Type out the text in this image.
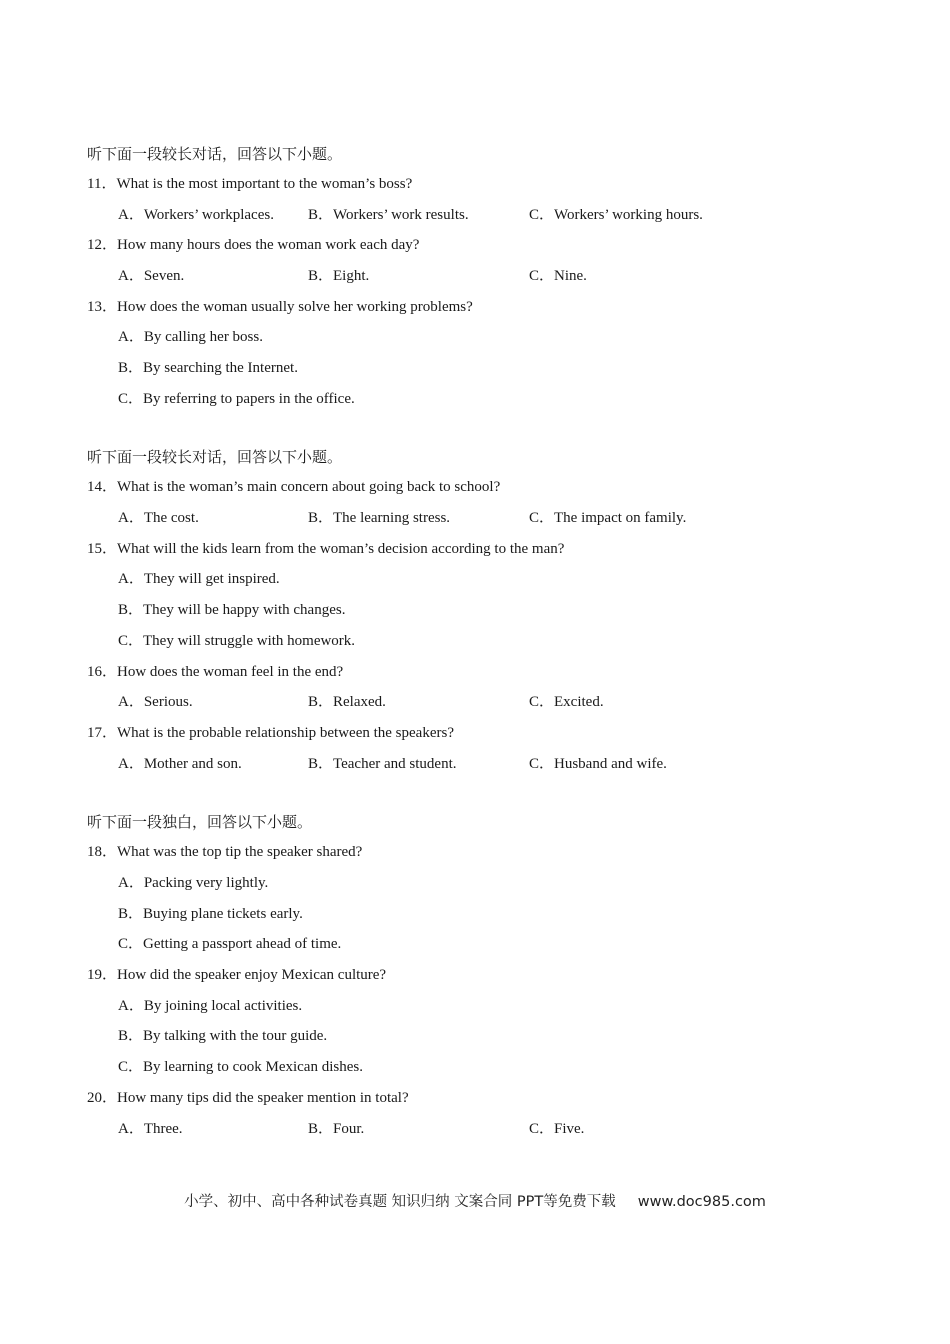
听下面一段较长对话，回答以下小题。
11．What is the most important to the woman’s boss?
A．Workers’ workplaces. B．Workers’ work results.	C．Workers’ working hours.
12．How many hours does the woman work each day?
A．Seven.	B．Eight.	C．Nine.
13．How does the woman usually solve her working problems?
A．By calling her boss.
B．By searching the Internet.
C．By referring to papers in the office.
听下面一段较长对话，回答以下小题。
14．What is the woman’s main concern about going back to school?
A．The cost.	B．The learning stress.	C．The impact on family.
15．What will the kids learn from the woman’s decision according to the man?
A．They will get inspired.
B．They will be happy with changes.
C．They will struggle with homework.
16．How does the woman feel in the end?
A．Serious.	B．Relaxed.	C．Excited.
17．What is the probable relationship between the speakers?
A．Mother and son.	B．Teacher and student.	C．Husband and wife.
听下面一段独白，回答以下小题。
18．What was the top tip the speaker shared?
A．Packing very lightly.
B．Buying plane tickets early.
C．Getting a passport ahead of time.
19．How did the speaker enjoy Mexican culture?
A．By joining local activities.
B．By talking with the tour guide.
C．By learning to cook Mexican dishes.
20．How many tips did the speaker mention in total?
A．Three.	B．Four.	C．Five.
小学、初中、高中各种试卷真题 知识归纳 文案合同 PPT等免费下载 www.doc985.com
